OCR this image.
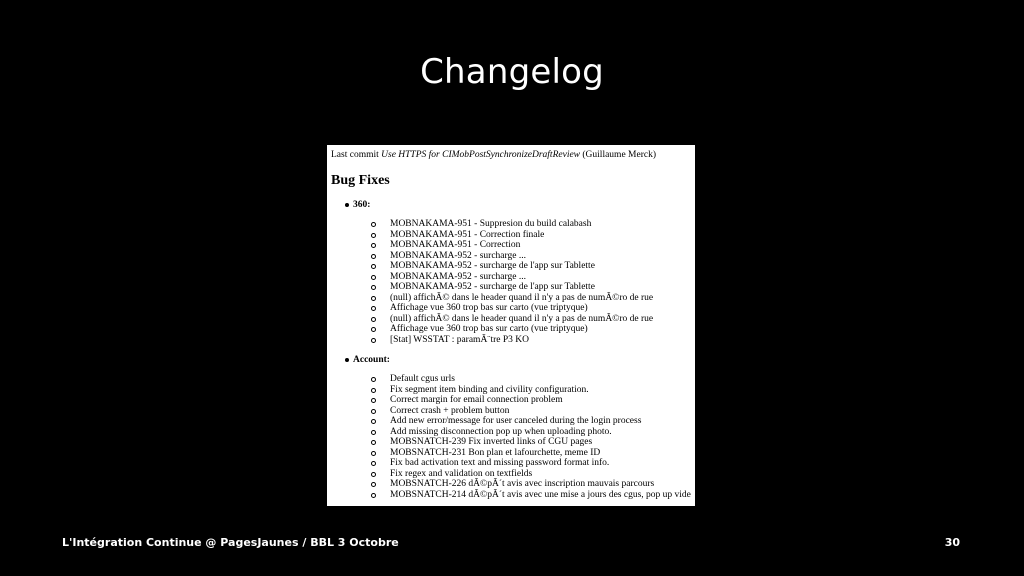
Changelog
Last commit Use HTTPS for CIMobPostSynchronizeDraftReview (Guillaume Merck)
Bug Fixes
360:
MOBNAKAMA-951 - Suppresion du build calabash
MOBNAKAMA-951 - Correction finale
MOBNAKAMA-951 - Correction
MOBNAKAMA-952 - surcharge ...
MOBNAKAMA-952 - surcharge de l'app sur Tablette
MOBNAKAMA-952 - surcharge ...
MOBNAKAMA-952 - surcharge de l'app sur Tablette
(null) affichÃ© dans le header quand il n'y a pas de numÃ©ro de rue
Affichage vue 360 trop bas sur carto (vue triptyque)
(null) affichÃ© dans le header quand il n'y a pas de numÃ©ro de rue
Affichage vue 360 trop bas sur carto (vue triptyque)
[Stat] WSSTAT : paramÃ¨tre P3 KO
Account:
Default cgus urls
Fix segment item binding and civility configuration.
Correct margin for email connection problem
Correct crash + problem button
Add new error/message for user canceled during the login process
Add missing disconnection pop up when uploading photo.
MOBSNATCH-239 Fix inverted links of CGU pages
MOBSNATCH-231 Bon plan et lafourchette, meme ID
Fix bad activation text and missing password format info.
Fix regex and validation on textfields
MOBSNATCH-226 dÃ©pÃ´t avis avec inscription mauvais parcours
MOBSNATCH-214 dÃ©pÃ´t avis avec une mise a jours des cgus, pop up vide
L'Intégration Continue @ PagesJaunes / BBL 3 Octobre	30
